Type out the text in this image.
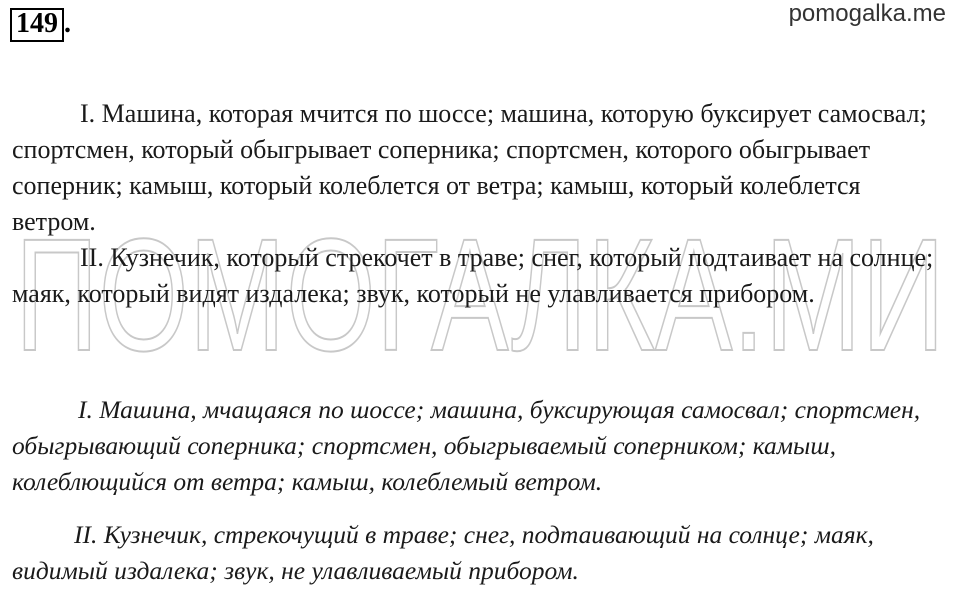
149 .	pomogalka.me
ПОМОГАЛКА.МИ

I. Машина, которая мчится по шоссе; машина, которую буксирует самосвал; спортсмен, который обыгрывает соперника; спортсмен, которого обыгрывает соперник; камыш, который колеблется от ветра; камыш, который колеблется ветром.

II. Кузнечик, который стрекочет в траве; снег, который подтаивает на солнце; маяк, который видят издалека; звук, который не улавливается прибором.

I. Машина, мчащаяся по шоссе; машина, буксирующая самосвал; спортсмен, обыгрывающий соперника; спортсмен, обыгрываемый соперником; камыш, колеблющийся от ветра; камыш, колеблемый ветром.

II. Кузнечик, стрекочущий в траве; снег, подтаивающий на солнце; маяк, видимый издалека; звук, не улавливаемый прибором.
